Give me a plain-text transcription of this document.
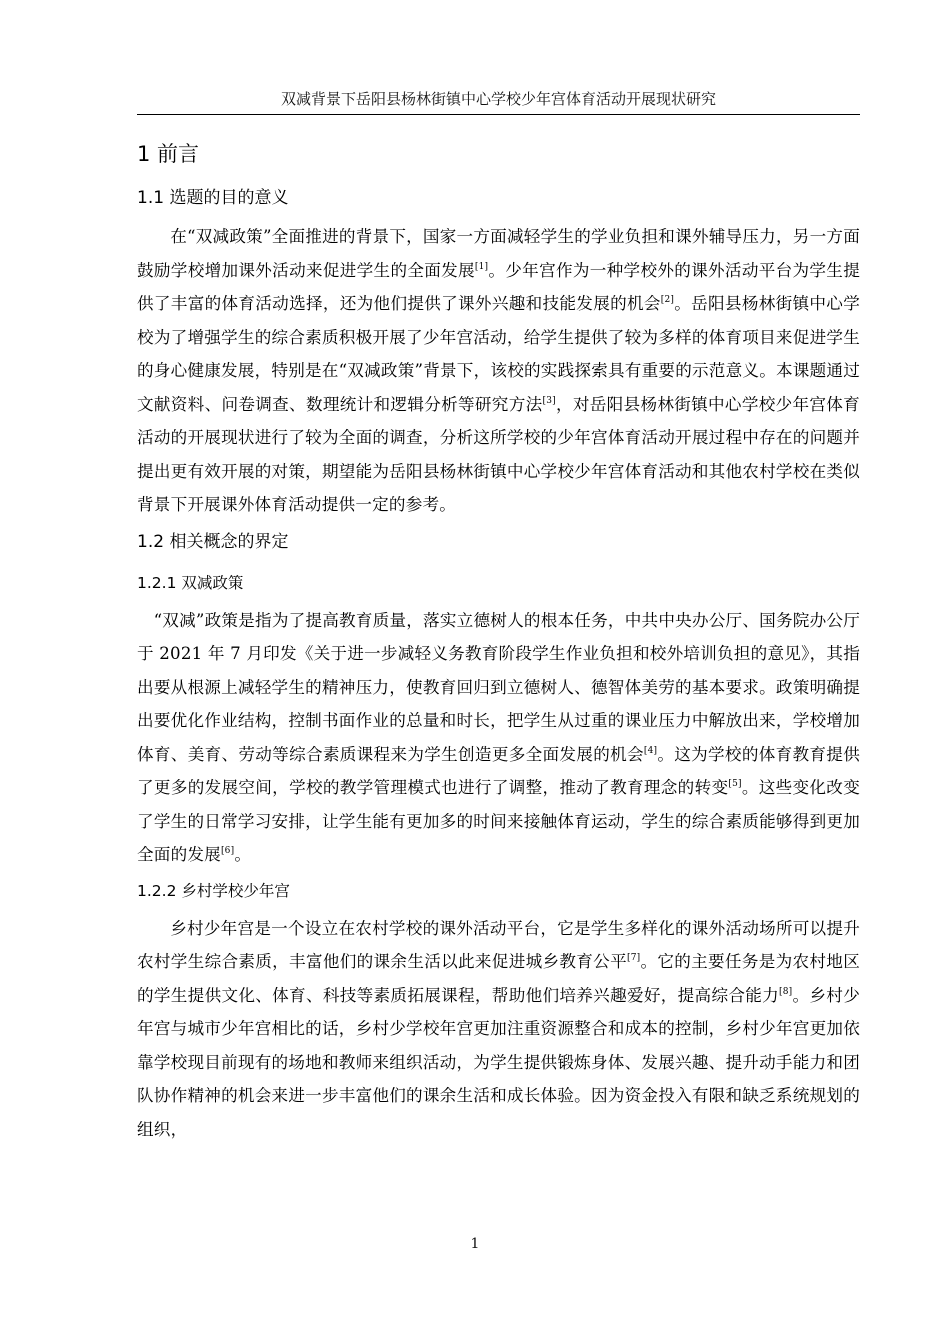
双减背景下岳阳县杨林街镇中心学校少年宫体育活动开展现状研究
1 前言
1.1 选题的目的意义

在“双减政策”全面推进的背景下，国家一方面减轻学生的学业负担和课外辅导压力，另一方面鼓励学校增加课外活动来促进学生的全面发展[1]。少年宫作为一种学校外的课外活动平台为学生提供了丰富的体育活动选择，还为他们提供了课外兴趣和技能发展的机会[2]。岳阳县杨林街镇中心学校为了增强学生的综合素质积极开展了少年宫活动，给学生提供了较为多样的体育项目来促进学生的身心健康发展，特别是在“双减政策”背景下，该校的实践探索具有重要的示范意义。本课题通过文献资料、问卷调查、数理统计和逻辑分析等研究方法[3]，对岳阳县杨林街镇中心学校少年宫体育活动的开展现状进行了较为全面的调查，分析这所学校的少年宫体育活动开展过程中存在的问题并提出更有效开展的对策，期望能为岳阳县杨林街镇中心学校少年宫体育活动和其他农村学校在类似背景下开展课外体育活动提供一定的参考。

1.2 相关概念的界定
1.2.1 双减政策

“双减”政策是指为了提高教育质量，落实立德树人的根本任务，中共中央办公厅、国务院办公厅于 2021 年 7 月印发《关于进一步减轻义务教育阶段学生作业负担和校外培训负担的意见》，其指出要从根源上减轻学生的精神压力，使教育回归到立德树人、德智体美劳的基本要求。政策明确提出要优化作业结构，控制书面作业的总量和时长，把学生从过重的课业压力中解放出来，学校增加体育、美育、劳动等综合素质课程来为学生创造更多全面发展的机会[4]。这为学校的体育教育提供了更多的发展空间，学校的教学管理模式也进行了调整，推动了教育理念的转变[5]。这些变化改变了学生的日常学习安排，让学生能有更加多的时间来接触体育运动，学生的综合素质能够得到更加全面的发展[6]。

1.2.2 乡村学校少年宫

乡村少年宫是一个设立在农村学校的课外活动平台，它是学生多样化的课外活动场所可以提升农村学生综合素质，丰富他们的课余生活以此来促进城乡教育公平[7]。它的主要任务是为农村地区的学生提供文化、体育、科技等素质拓展课程，帮助他们培养兴趣爱好，提高综合能力[8]。乡村少年宫与城市少年宫相比的话，乡村少学校年宫更加注重资源整合和成本的控制，乡村少年宫更加依靠学校现目前现有的场地和教师来组织活动，为学生提供锻炼身体、发展兴趣、提升动手能力和团队协作精神的机会来进一步丰富他们的课余生活和成长体验。因为资金投入有限和缺乏系统规划的组织，

1
